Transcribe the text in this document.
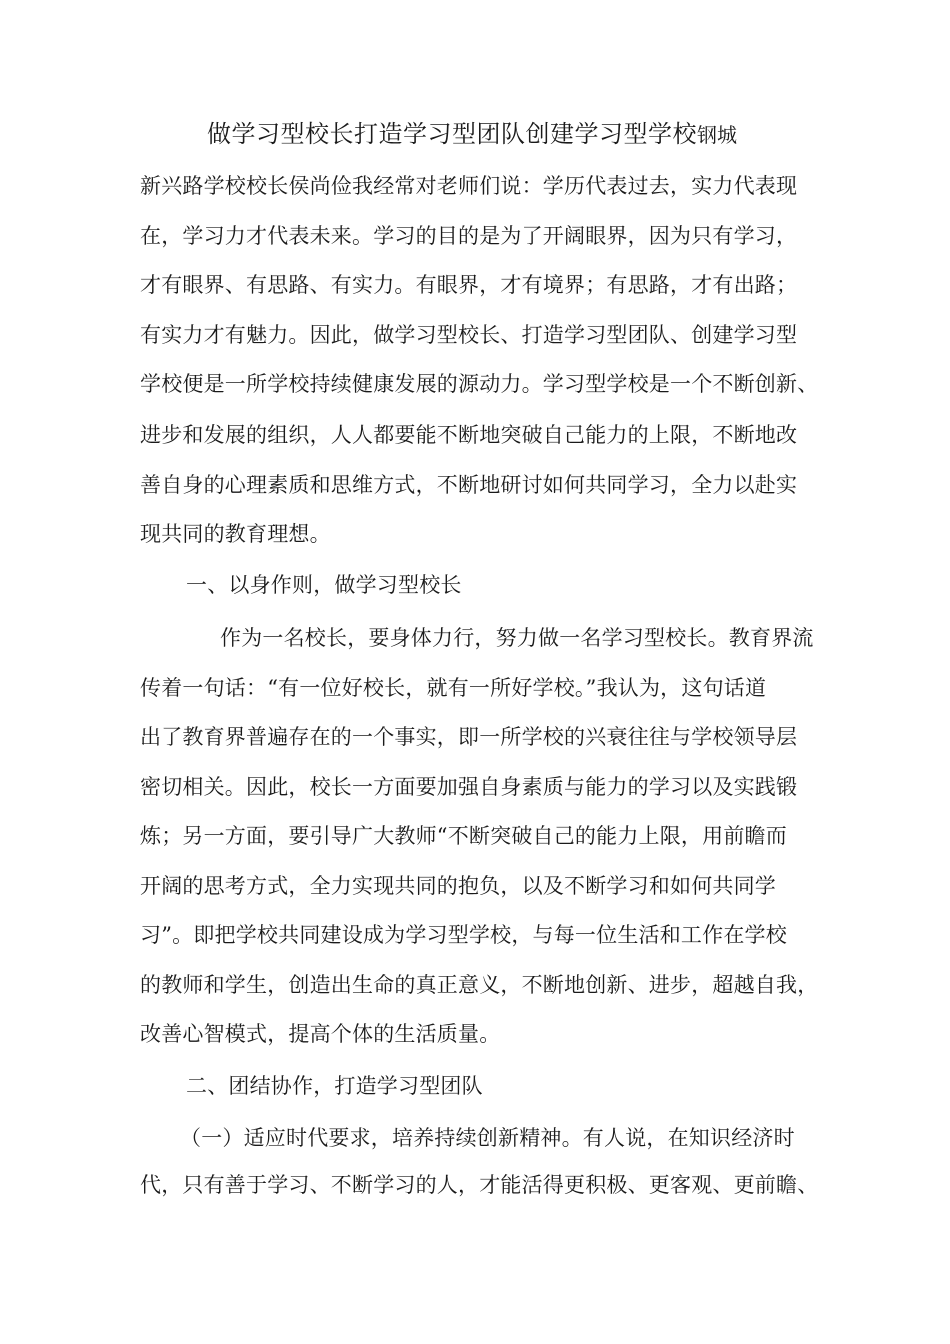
做学习型校长打造学习型团队创建学习型学校钢城
新兴路学校校长侯尚俭我经常对老师们说：学历代表过去，实力代表现
在，学习力才代表未来。学习的目的是为了开阔眼界，因为只有学习，
才有眼界、有思路、有实力。有眼界，才有境界；有思路，才有出路；
有实力才有魅力。因此，做学习型校长、打造学习型团队、创建学习型
学校便是一所学校持续健康发展的源动力。学习型学校是一个不断创新、
进步和发展的组织，人人都要能不断地突破自己能力的上限，不断地改
善自身的心理素质和思维方式，不断地研讨如何共同学习，全力以赴实
现共同的教育理想。
一、以身作则，做学习型校长
作为一名校长，要身体力行，努力做一名学习型校长。教育界流
传着一句话：“有一位好校长，就有一所好学校。”我认为，这句话道
出了教育界普遍存在的一个事实，即一所学校的兴衰往往与学校领导层
密切相关。因此，校长一方面要加强自身素质与能力的学习以及实践锻
炼；另一方面，要引导广大教师“不断突破自己的能力上限，用前瞻而
开阔的思考方式，全力实现共同的抱负，以及不断学习和如何共同学
习”。即把学校共同建设成为学习型学校，与每一位生活和工作在学校
的教师和学生，创造出生命的真正意义，不断地创新、进步，超越自我，
改善心智模式，提高个体的生活质量。
二、团结协作，打造学习型团队
（一）适应时代要求，培养持续创新精神。有人说，在知识经济时
代，只有善于学习、不断学习的人，才能活得更积极、更客观、更前瞻、
